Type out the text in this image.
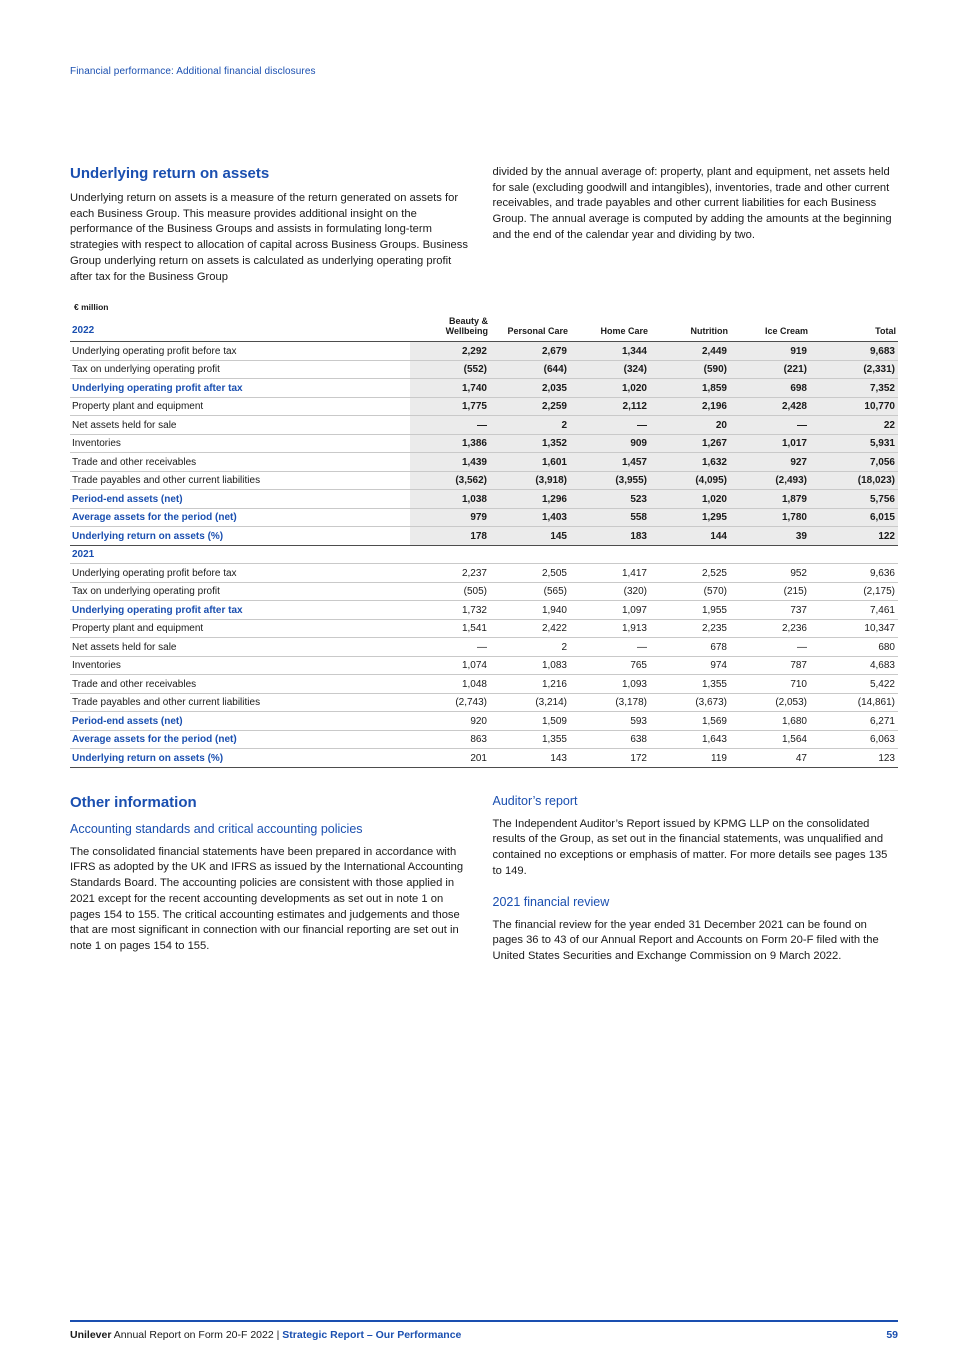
Financial performance: Additional financial disclosures
Underlying return on assets

Underlying return on assets is a measure of the return generated on assets for each Business Group. This measure provides additional insight on the performance of the Business Groups and assists in formulating long-term strategies with respect to allocation of capital across Business Groups. Business Group underlying return on assets is calculated as underlying operating profit after tax for the Business Group

divided by the annual average of: property, plant and equipment, net assets held for sale (excluding goodwill and intangibles), inventories, trade and other current receivables, and trade payables and other current liabilities for each Business Group. The annual average is computed by adding the amounts at the beginning and the end of the calendar year and dividing by two.

€ million
2022	Beauty & Wellbeing	Personal Care	Home Care	Nutrition	Ice Cream	Total
Underlying operating profit before tax	2,292	2,679	1,344	2,449	919	9,683
Tax on underlying operating profit	(552)	(644)	(324)	(590)	(221)	(2,331)
Underlying operating profit after tax	1,740	2,035	1,020	1,859	698	7,352
Property plant and equipment	1,775	2,259	2,112	2,196	2,428	10,770
Net assets held for sale	—	2	—	20	—	22
Inventories	1,386	1,352	909	1,267	1,017	5,931
Trade and other receivables	1,439	1,601	1,457	1,632	927	7,056
Trade payables and other current liabilities	(3,562)	(3,918)	(3,955)	(4,095)	(2,493)	(18,023)
Period-end assets (net)	1,038	1,296	523	1,020	1,879	5,756
Average assets for the period (net)	979	1,403	558	1,295	1,780	6,015
Underlying return on assets (%)	178	145	183	144	39	122
2021						
Underlying operating profit before tax	2,237	2,505	1,417	2,525	952	9,636
Tax on underlying operating profit	(505)	(565)	(320)	(570)	(215)	(2,175)
Underlying operating profit after tax	1,732	1,940	1,097	1,955	737	7,461
Property plant and equipment	1,541	2,422	1,913	2,235	2,236	10,347
Net assets held for sale	—	2	—	678	—	680
Inventories	1,074	1,083	765	974	787	4,683
Trade and other receivables	1,048	1,216	1,093	1,355	710	5,422
Trade payables and other current liabilities	(2,743)	(3,214)	(3,178)	(3,673)	(2,053)	(14,861)
Period-end assets (net)	920	1,509	593	1,569	1,680	6,271
Average assets for the period (net)	863	1,355	638	1,643	1,564	6,063
Underlying return on assets (%)	201	143	172	119	47	123
Other information
Accounting standards and critical accounting policies

The consolidated financial statements have been prepared in accordance with IFRS as adopted by the UK and IFRS as issued by the International Accounting Standards Board. The accounting policies are consistent with those applied in 2021 except for the recent accounting developments as set out in note 1 on pages 154 to 155. The critical accounting estimates and judgements and those that are most significant in connection with our financial reporting are set out in note 1 on pages 154 to 155.

Auditor’s report

The Independent Auditor’s Report issued by KPMG LLP on the consolidated results of the Group, as set out in the financial statements, was unqualified and contained no exceptions or emphasis of matter. For more details see pages 135 to 149.

2021 financial review

The financial review for the year ended 31 December 2021 can be found on pages 36 to 43 of our Annual Report and Accounts on Form 20-F filed with the United States Securities and Exchange Commission on 9 March 2022.

Unilever Annual Report on Form 20-F 2022 | Strategic Report – Our Performance	59
